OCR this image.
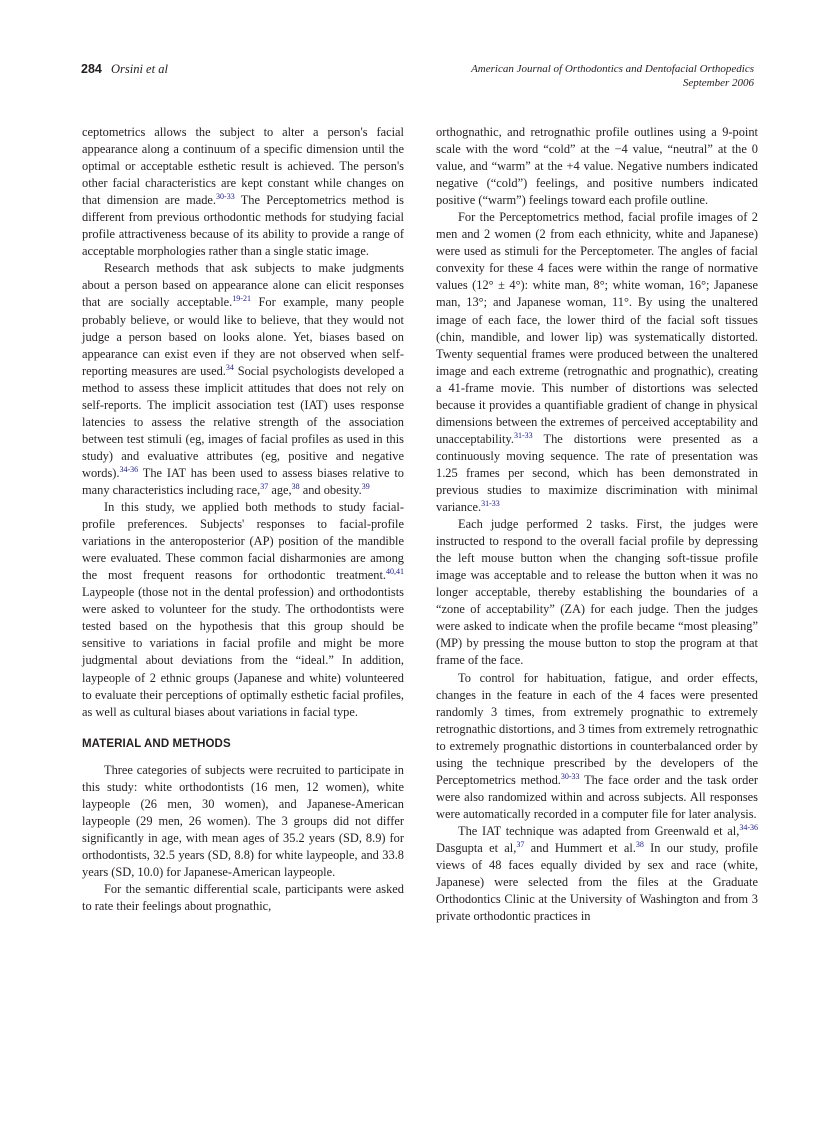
284 Orsini et al	American Journal of Orthodontics and Dentofacial Orthopedics
September 2006

ceptometrics allows the subject to alter a person's facial appearance along a continuum of a specific dimension until the optimal or acceptable esthetic result is achieved. The person's other facial characteristics are kept constant while changes on that dimension are made.$^{30-33}$ The Perceptometrics method is different from previous orthodontic methods for studying facial profile attractiveness because of its ability to provide a range of acceptable morphologies rather than a single static image.

Research methods that ask subjects to make judgments about a person based on appearance alone can elicit responses that are socially acceptable.$^{19-21}$ For example, many people probably believe, or would like to believe, that they would not judge a person based on looks alone. Yet, biases based on appearance can exist even if they are not observed when self-reporting measures are used.$^{34}$ Social psychologists developed a method to assess these implicit attitudes that does not rely on self-reports. The implicit association test (IAT) uses response latencies to assess the relative strength of the association between test stimuli (eg, images of facial profiles as used in this study) and evaluative attributes (eg, positive and negative words).$^{34-36}$ The IAT has been used to assess biases relative to many characteristics including race,$^{37}$ age,$^{38}$ and obesity.$^{39}$

In this study, we applied both methods to study facial-profile preferences. Subjects' responses to facial-profile variations in the anteroposterior (AP) position of the mandible were evaluated. These common facial disharmonies are among the most frequent reasons for orthodontic treatment.$^{40,41}$ Laypeople (those not in the dental profession) and orthodontists were asked to volunteer for the study. The orthodontists were tested based on the hypothesis that this group should be sensitive to variations in facial profile and might be more judgmental about deviations from the “ideal.” In addition, laypeople of 2 ethnic groups (Japanese and white) volunteered to evaluate their perceptions of optimally esthetic facial profiles, as well as cultural biases about variations in facial type.

MATERIAL AND METHODS

Three categories of subjects were recruited to participate in this study: white orthodontists (16 men, 12 women), white laypeople (26 men, 30 women), and Japanese-American laypeople (29 men, 26 women). The 3 groups did not differ significantly in age, with mean ages of 35.2 years (SD, 8.9) for orthodontists, 32.5 years (SD, 8.8) for white laypeople, and 33.8 years (SD, 10.0) for Japanese-American laypeople.

For the semantic differential scale, participants were asked to rate their feelings about prognathic,

orthognathic, and retrognathic profile outlines using a 9-point scale with the word “cold” at the −4 value, “neutral” at the 0 value, and “warm” at the +4 value. Negative numbers indicated negative (“cold”) feelings, and positive numbers indicated positive (“warm”) feelings toward each profile outline.

For the Perceptometrics method, facial profile images of 2 men and 2 women (2 from each ethnicity, white and Japanese) were used as stimuli for the Perceptometer. The angles of facial convexity for these 4 faces were within the range of normative values (12° ± 4°): white man, 8°; white woman, 16°; Japanese man, 13°; and Japanese woman, 11°. By using the unaltered image of each face, the lower third of the facial soft tissues (chin, mandible, and lower lip) was systematically distorted. Twenty sequential frames were produced between the unaltered image and each extreme (retrognathic and prognathic), creating a 41-frame movie. This number of distortions was selected because it provides a quantifiable gradient of change in physical dimensions between the extremes of perceived acceptability and unacceptability.$^{31-33}$ The distortions were presented as a continuously moving sequence. The rate of presentation was 1.25 frames per second, which has been demonstrated in previous studies to maximize discrimination with minimal variance.$^{31-33}$

Each judge performed 2 tasks. First, the judges were instructed to respond to the overall facial profile by depressing the left mouse button when the changing soft-tissue profile image was acceptable and to release the button when it was no longer acceptable, thereby establishing the boundaries of a “zone of acceptability” (ZA) for each judge. Then the judges were asked to indicate when the profile became “most pleasing” (MP) by pressing the mouse button to stop the program at that frame of the face.

To control for habituation, fatigue, and order effects, changes in the feature in each of the 4 faces were presented randomly 3 times, from extremely prognathic to extremely retrognathic distortions, and 3 times from extremely retrognathic to extremely prognathic distortions in counterbalanced order by using the technique prescribed by the developers of the Perceptometrics method.$^{30-33}$ The face order and the task order were also randomized within and across subjects. All responses were automatically recorded in a computer file for later analysis.

The IAT technique was adapted from Greenwald et al,$^{34-36}$ Dasgupta et al,$^{37}$ and Hummert et al.$^{38}$ In our study, profile views of 48 faces equally divided by sex and race (white, Japanese) were selected from the files at the Graduate Orthodontics Clinic at the University of Washington and from 3 private orthodontic practices in
